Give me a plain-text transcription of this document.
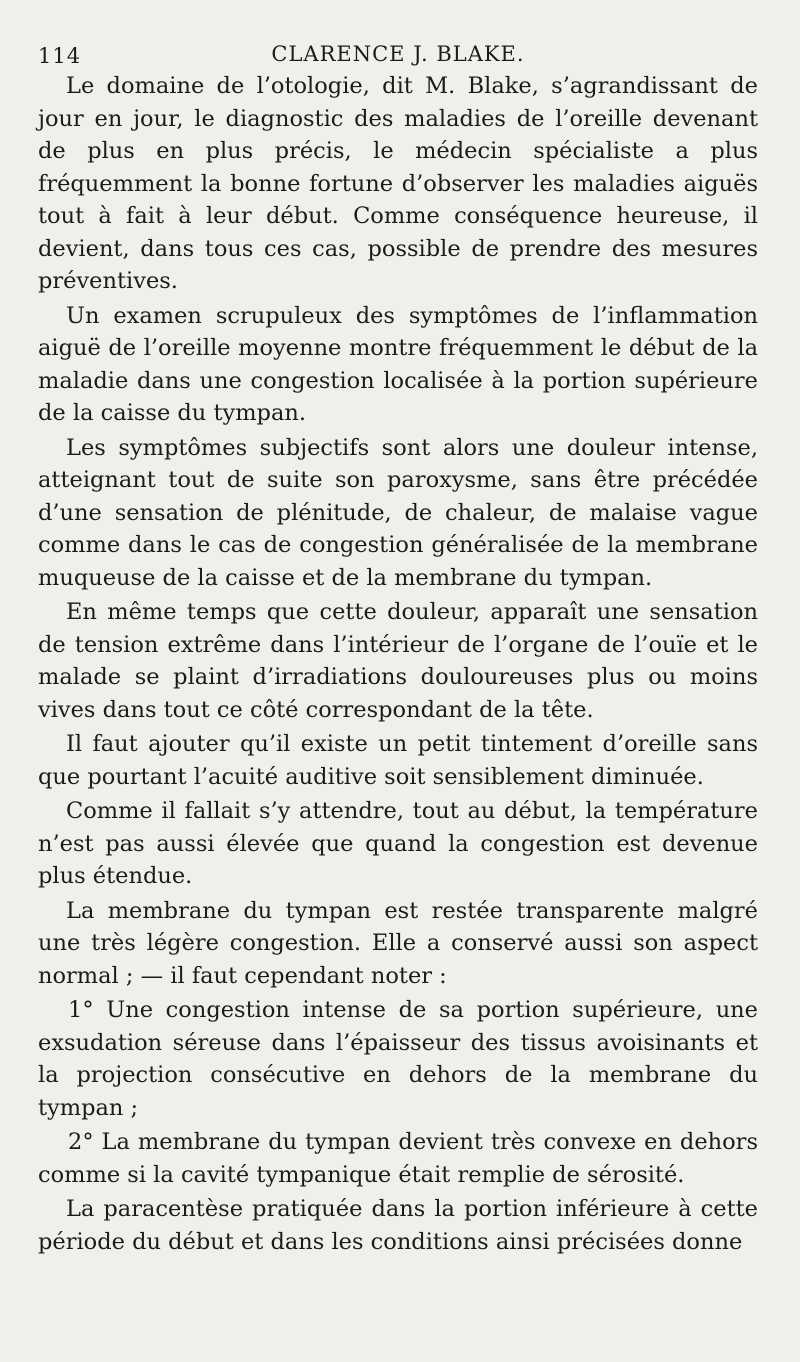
114	CLARENCE J. BLAKE.

Le domaine de l’otologie, dit M. Blake, s’agrandissant de jour en jour, le diagnostic des maladies de l’oreille devenant de plus en plus précis, le médecin spécialiste a plus fréquemment la bonne fortune d’observer les maladies aiguës tout à fait à leur début. Comme conséquence heureuse, il devient, dans tous ces cas, possible de prendre des mesures préventives.

Un examen scrupuleux des symptômes de l’inflammation aiguë de l’oreille moyenne montre fréquemment le début de la maladie dans une congestion localisée à la portion supérieure de la caisse du tympan.

Les symptômes subjectifs sont alors une douleur intense, atteignant tout de suite son paroxysme, sans être précédée d’une sensation de plénitude, de chaleur, de malaise vague comme dans le cas de congestion généralisée de la membrane muqueuse de la caisse et de la membrane du tympan.

En même temps que cette douleur, apparaît une sensation de tension extrême dans l’intérieur de l’organe de l’ouïe et le malade se plaint d’irradiations douloureuses plus ou moins vives dans tout ce côté correspondant de la tête.

Il faut ajouter qu’il existe un petit tintement d’oreille sans que pourtant l’acuité auditive soit sensiblement diminuée.

Comme il fallait s’y attendre, tout au début, la température n’est pas aussi élevée que quand la congestion est devenue plus étendue.

La membrane du tympan est restée transparente malgré une très légère congestion. Elle a conservé aussi son aspect normal ; — il faut cependant noter :

1° Une congestion intense de sa portion supérieure, une exsudation séreuse dans l’épaisseur des tissus avoisinants et la projection consécutive en dehors de la membrane du tympan ;

2° La membrane du tympan devient très convexe en dehors comme si la cavité tympanique était remplie de sérosité.

La paracentèse pratiquée dans la portion inférieure à cette période du début et dans les conditions ainsi précisées donne
